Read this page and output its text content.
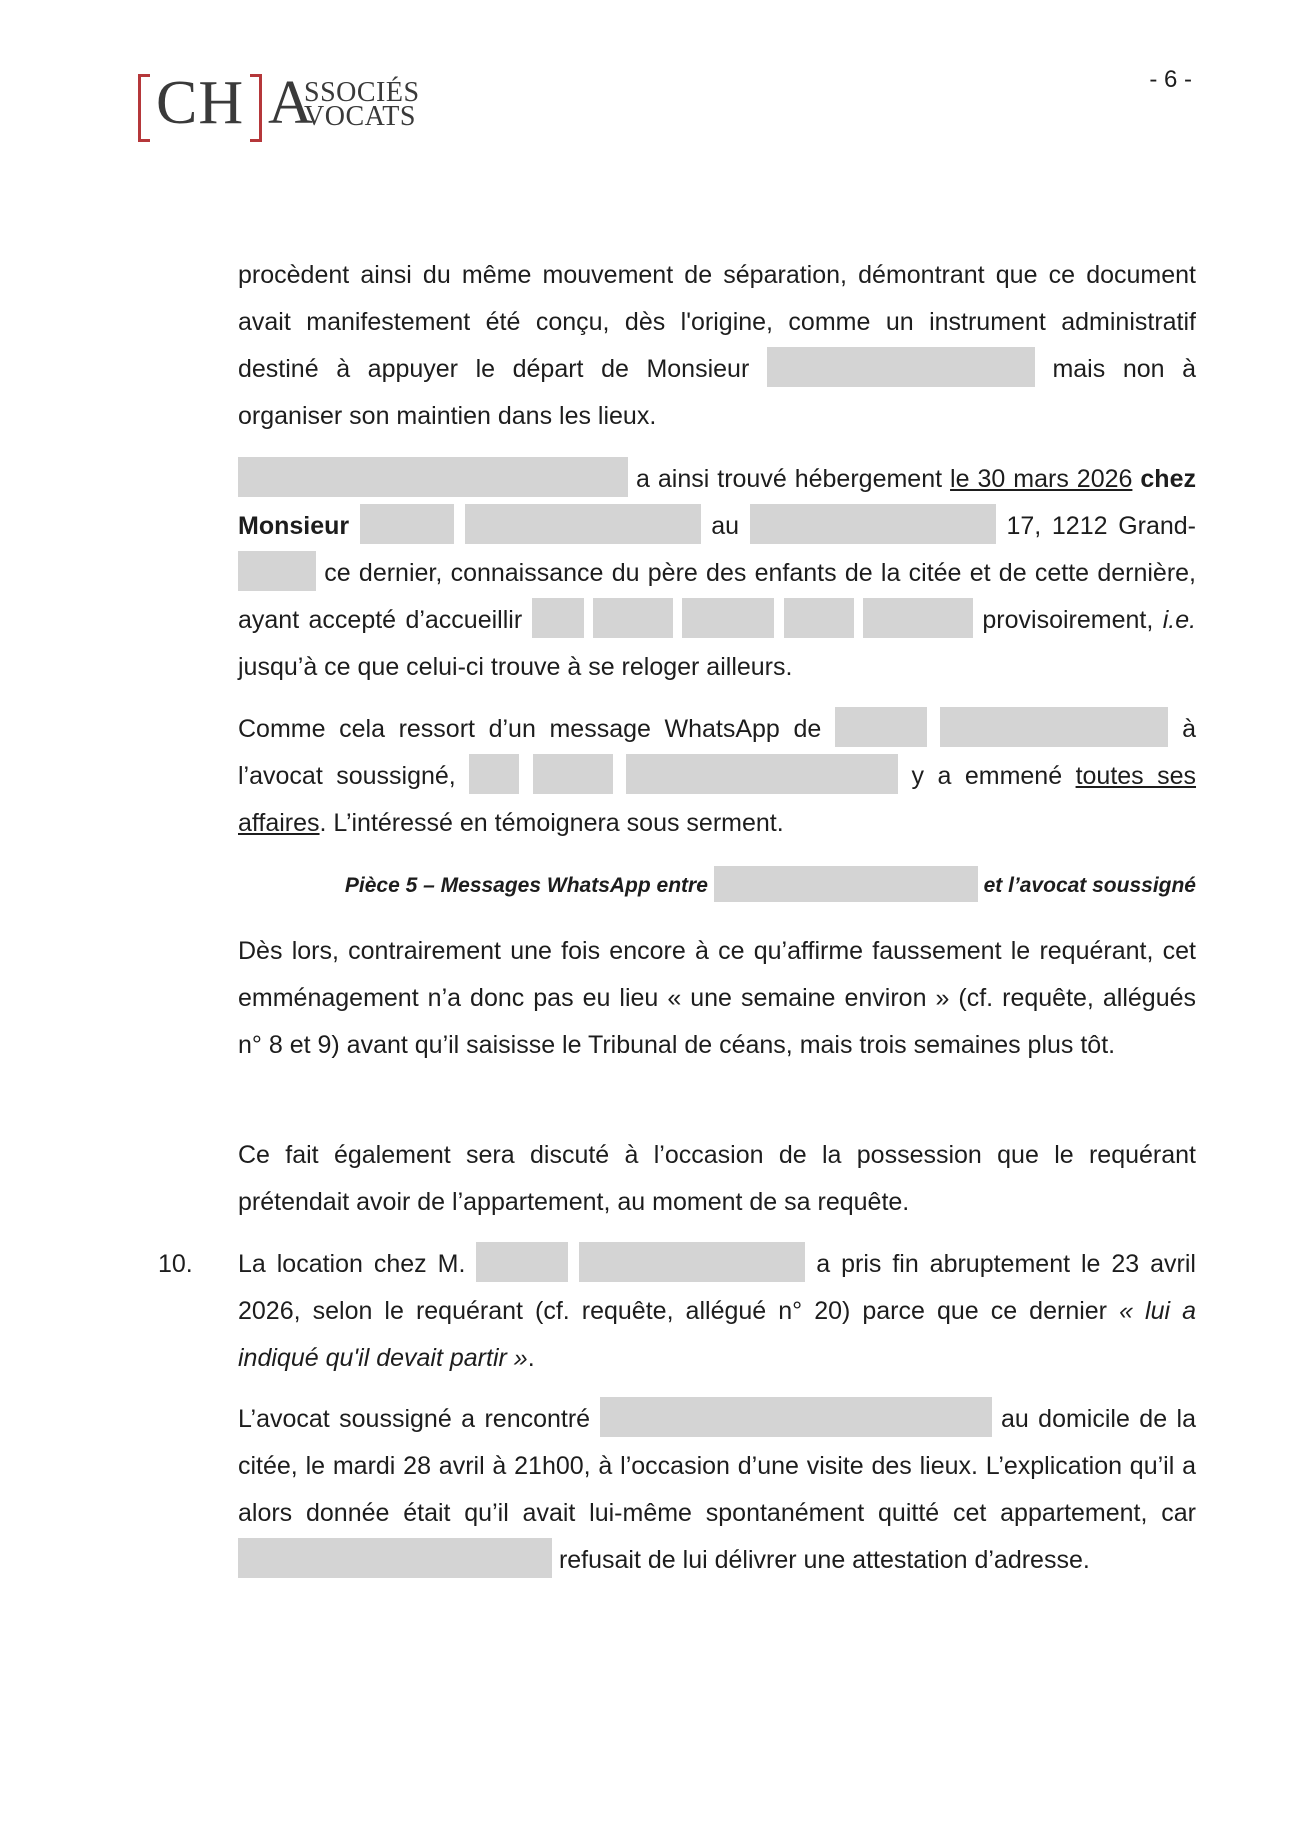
CH A
SSOCIÉS
VOCATS
- 6 -

procèdent ainsi du même mouvement de séparation, démontrant que ce document avait manifestement été conçu, dès l'origine, comme un instrument administratif destiné à appuyer le départ de Monsieur	mais non à organiser son maintien dans les lieux.

a ainsi trouvé hébergement le 30 mars 2026 chez Monsieur	au	17, 1212 Grand-  ce dernier, connaissance du père des enfants de la citée et de cette dernière, ayant accepté d’accueillir	provisoirement, i.e. jusqu’à ce que celui-ci trouve à se reloger ailleurs.

Comme cela ressort d’un message WhatsApp de	à l’avocat soussigné,	y a emmené toutes ses affaires. L’intéressé en témoignera sous serment.

Pièce 5 – Messages WhatsApp entre	et l’avocat soussigné

Dès lors, contrairement une fois encore à ce qu’affirme faussement le requérant, cet emménagement n’a donc pas eu lieu « une semaine environ » (cf. requête, allégués n° 8 et 9) avant qu’il saisisse le Tribunal de céans, mais trois semaines plus tôt.

Ce fait également sera discuté à l’occasion de la possession que le requérant prétendait avoir de l’appartement, au moment de sa requête.

10. La location chez M.	a pris fin abruptement le 23 avril 2026, selon le requérant (cf. requête, allégué n° 20) parce que ce dernier « lui a indiqué qu'il devait partir ».

L’avocat soussigné a rencontré	au domicile de la citée, le mardi 28 avril à 21h00, à l’occasion d’une visite des lieux. L’explication qu’il a alors donnée était qu’il avait lui-même spontanément quitté cet appartement, car  refusait de lui délivrer une attestation d’adresse.
